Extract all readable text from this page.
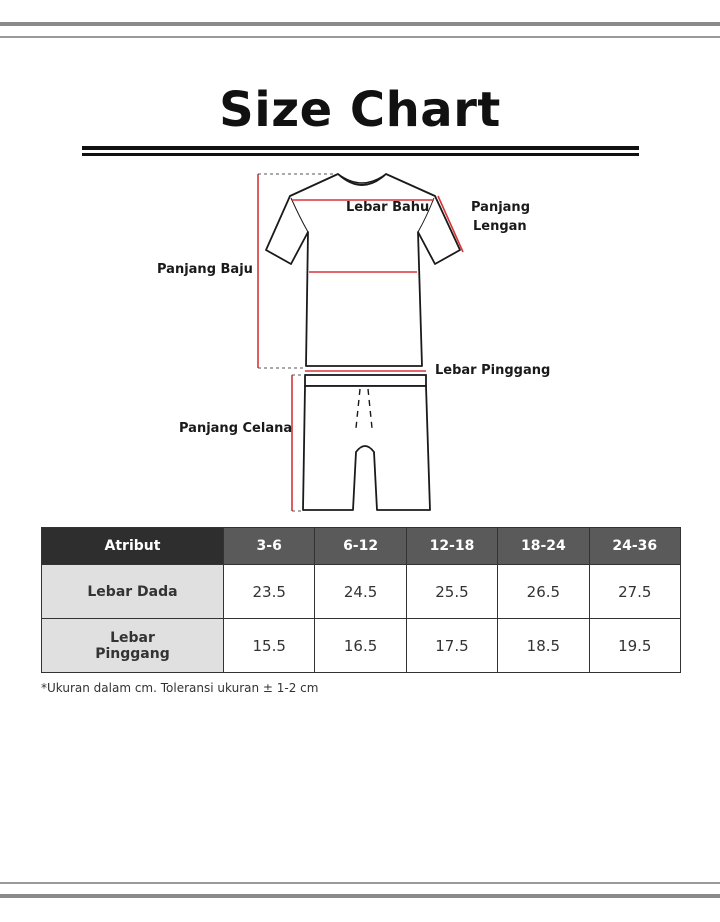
Size Chart
Lebar Bahu	Panjang
Lengan
Panjang Baju
Lebar Pinggang
Panjang Celana
Atribut	3-6	6-12	12-18	18-24	24-36
Lebar Dada	23.5	24.5	25.5	26.5	27.5

Lebar
Pinggang	15.5	16.5	17.5	18.5	19.5
*Ukuran dalam cm. Toleransi ukuran ± 1-2 cm
